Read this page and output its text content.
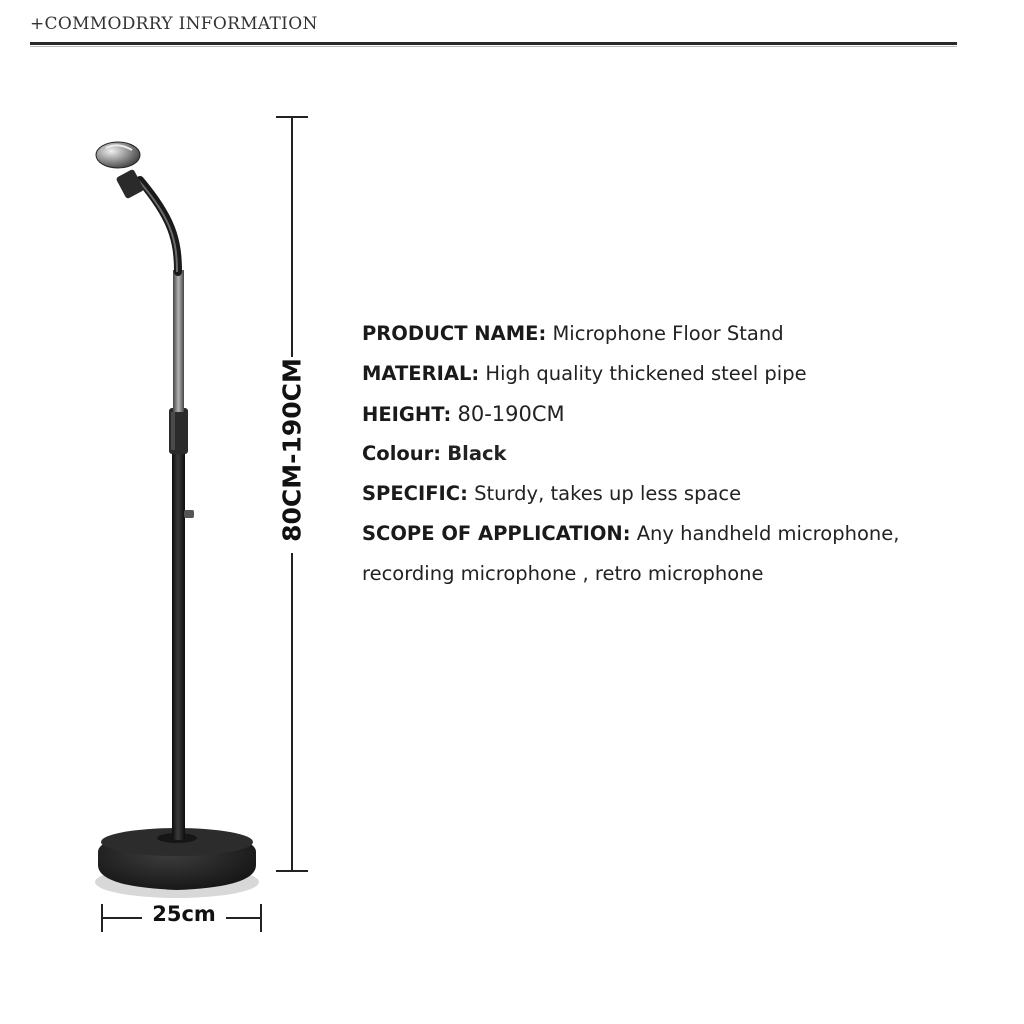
+COMMODRRY INFORMATION
80CM-190CM
25cm
PRODUCT NAME: Microphone Floor Stand
MATERIAL: High quality thickened steel pipe
HEIGHT: 80-190CM
Colour: Black
SPECIFIC: Sturdy, takes up less space
SCOPE OF APPLICATION: Any handheld microphone,
recording microphone , retro microphone
